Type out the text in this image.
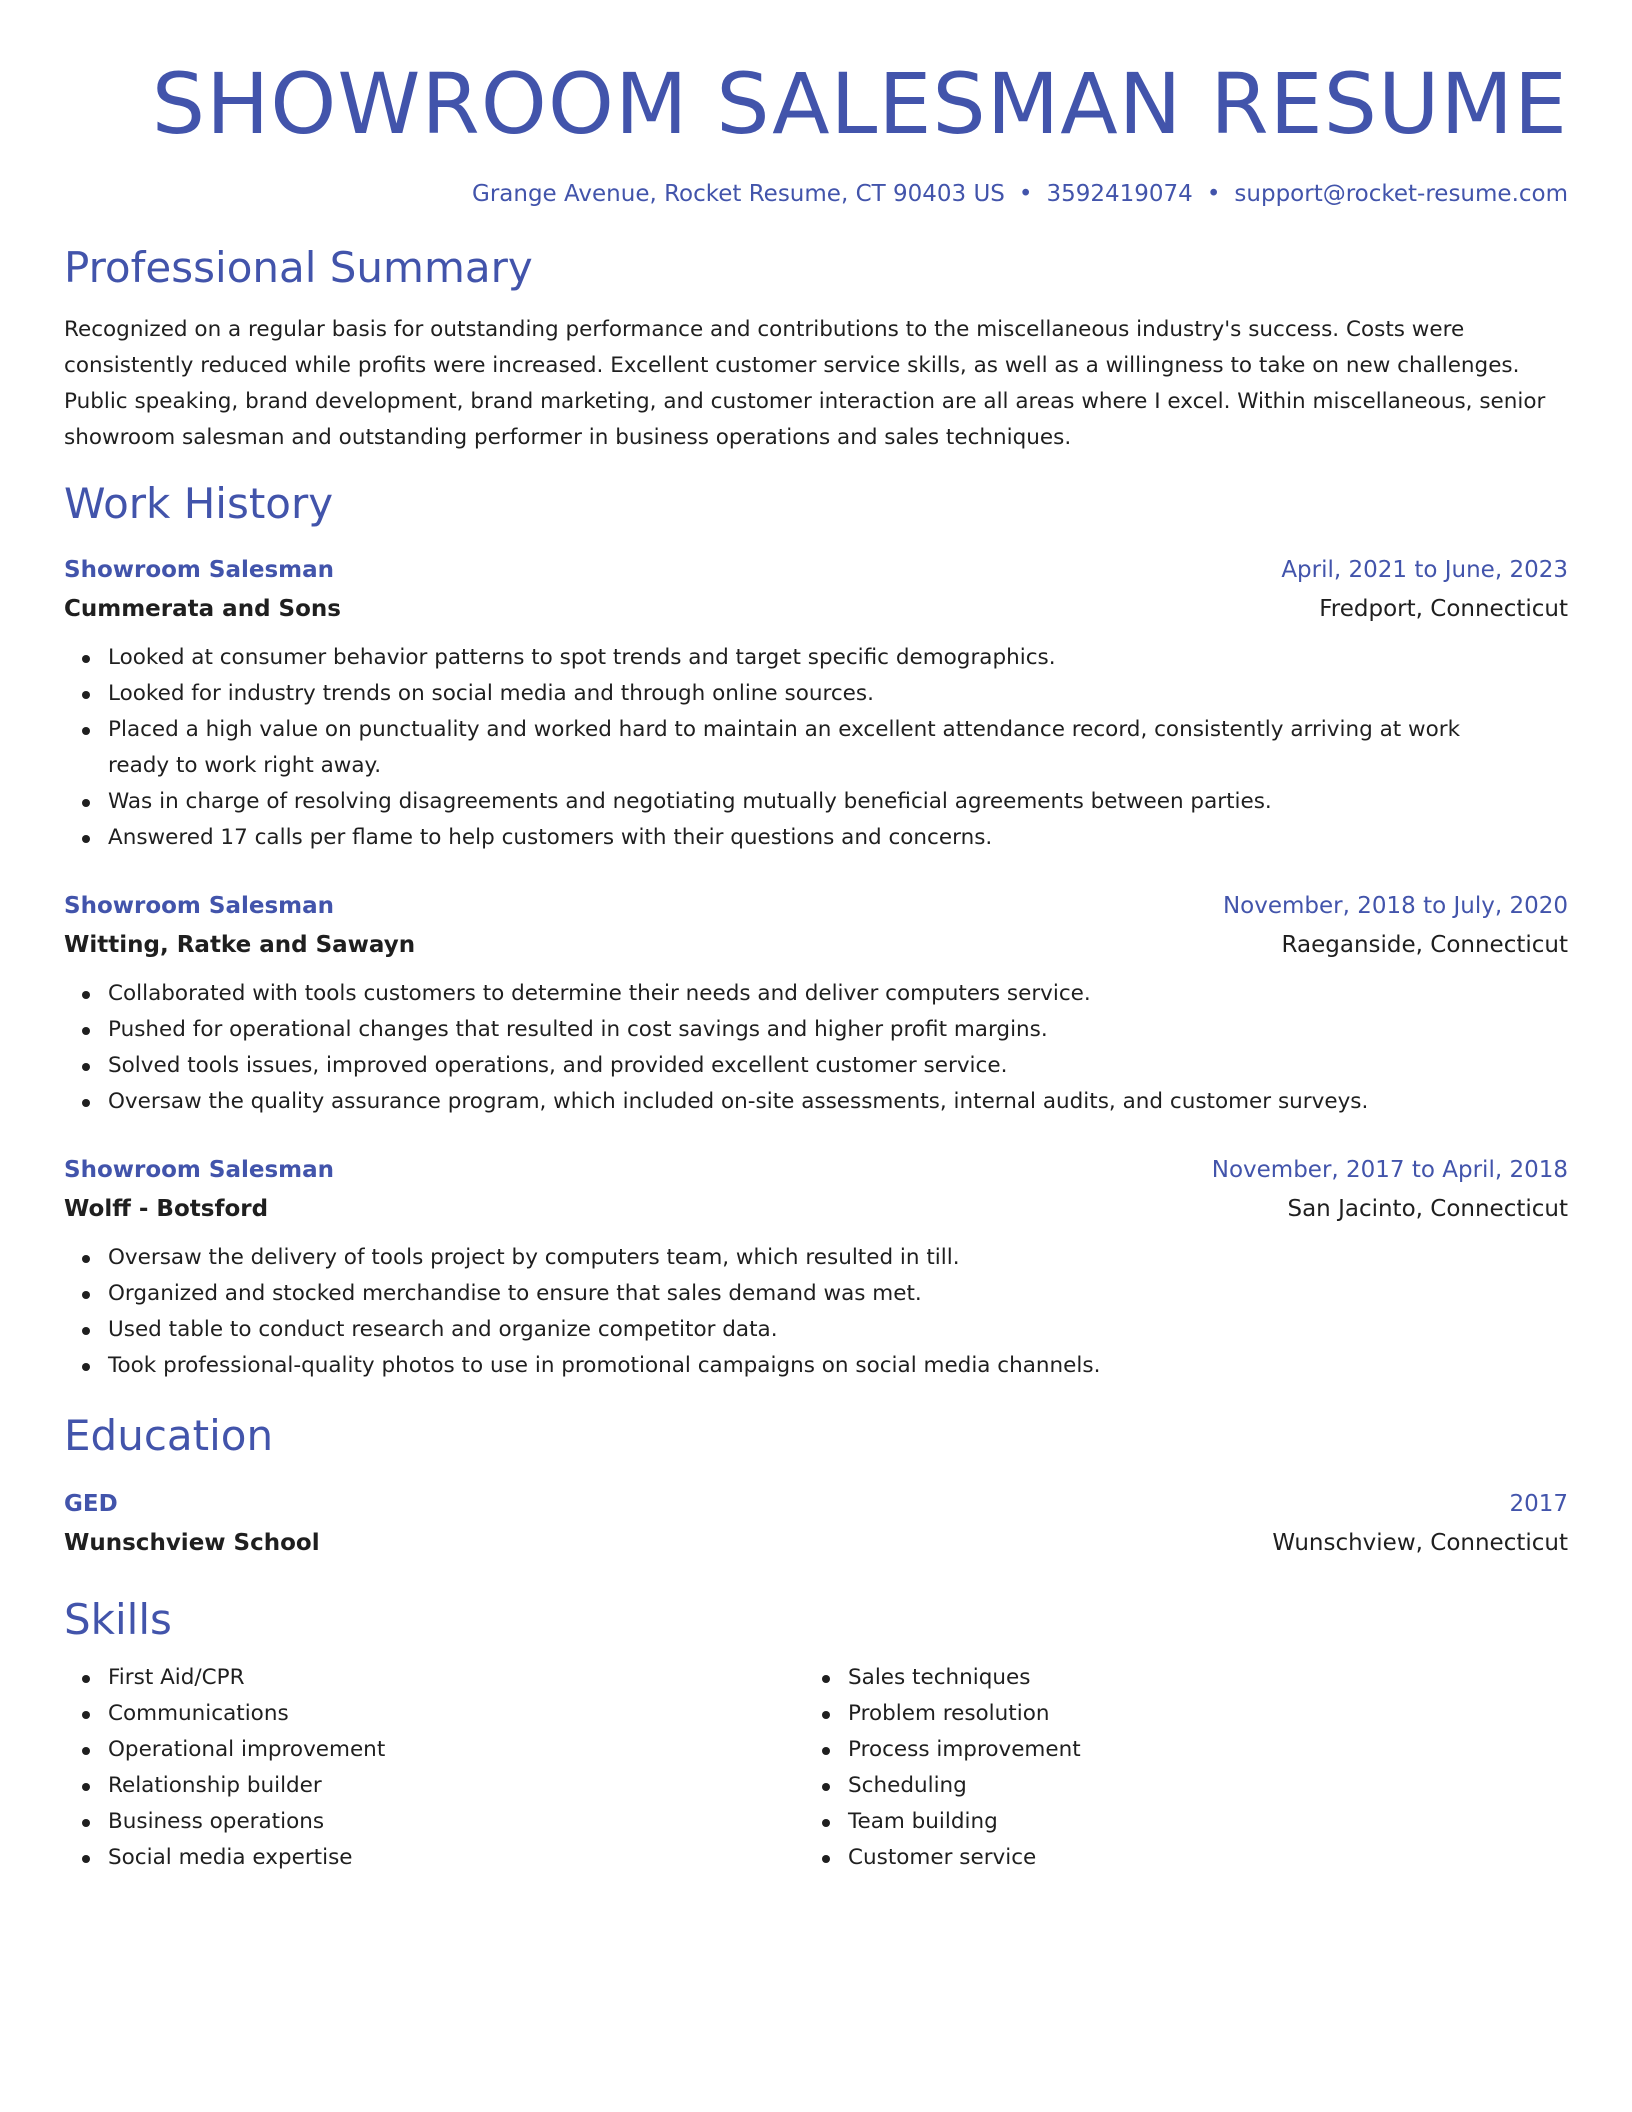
SHOWROOM SALESMAN RESUME
Grange Avenue, Rocket Resume, CT 90403 US • 3592419074 • support@rocket-resume.com
Professional Summary
Recognized on a regular basis for outstanding performance and contributions to the miscellaneous industry's success. Costs were consistently reduced while profits were increased. Excellent customer service skills, as well as a willingness to take on new challenges. Public speaking, brand development, brand marketing, and customer interaction are all areas where I excel. Within miscellaneous, senior showroom salesman and outstanding performer in business operations and sales techniques.
Work History
Showroom Salesman	April, 2021 to June, 2023
Cummerata and Sons	Fredport, Connecticut
Looked at consumer behavior patterns to spot trends and target specific demographics.
Looked for industry trends on social media and through online sources.
Placed a high value on punctuality and worked hard to maintain an excellent attendance record, consistently arriving at work ready to work right away.
Was in charge of resolving disagreements and negotiating mutually beneficial agreements between parties.
Answered 17 calls per flame to help customers with their questions and concerns.
Showroom Salesman	November, 2018 to July, 2020
Witting, Ratke and Sawayn	Raeganside, Connecticut
Collaborated with tools customers to determine their needs and deliver computers service.
Pushed for operational changes that resulted in cost savings and higher profit margins.
Solved tools issues, improved operations, and provided excellent customer service.
Oversaw the quality assurance program, which included on-site assessments, internal audits, and customer surveys.
Showroom Salesman	November, 2017 to April, 2018
Wolff - Botsford	San Jacinto, Connecticut
Oversaw the delivery of tools project by computers team, which resulted in till.
Organized and stocked merchandise to ensure that sales demand was met.
Used table to conduct research and organize competitor data.
Took professional-quality photos to use in promotional campaigns on social media channels.
Education
GED	2017
Wunschview School	Wunschview, Connecticut
Skills
First Aid/CPR
Communications
Operational improvement
Relationship builder
Business operations
Social media expertise
Sales techniques
Problem resolution
Process improvement
Scheduling
Team building
Customer service
